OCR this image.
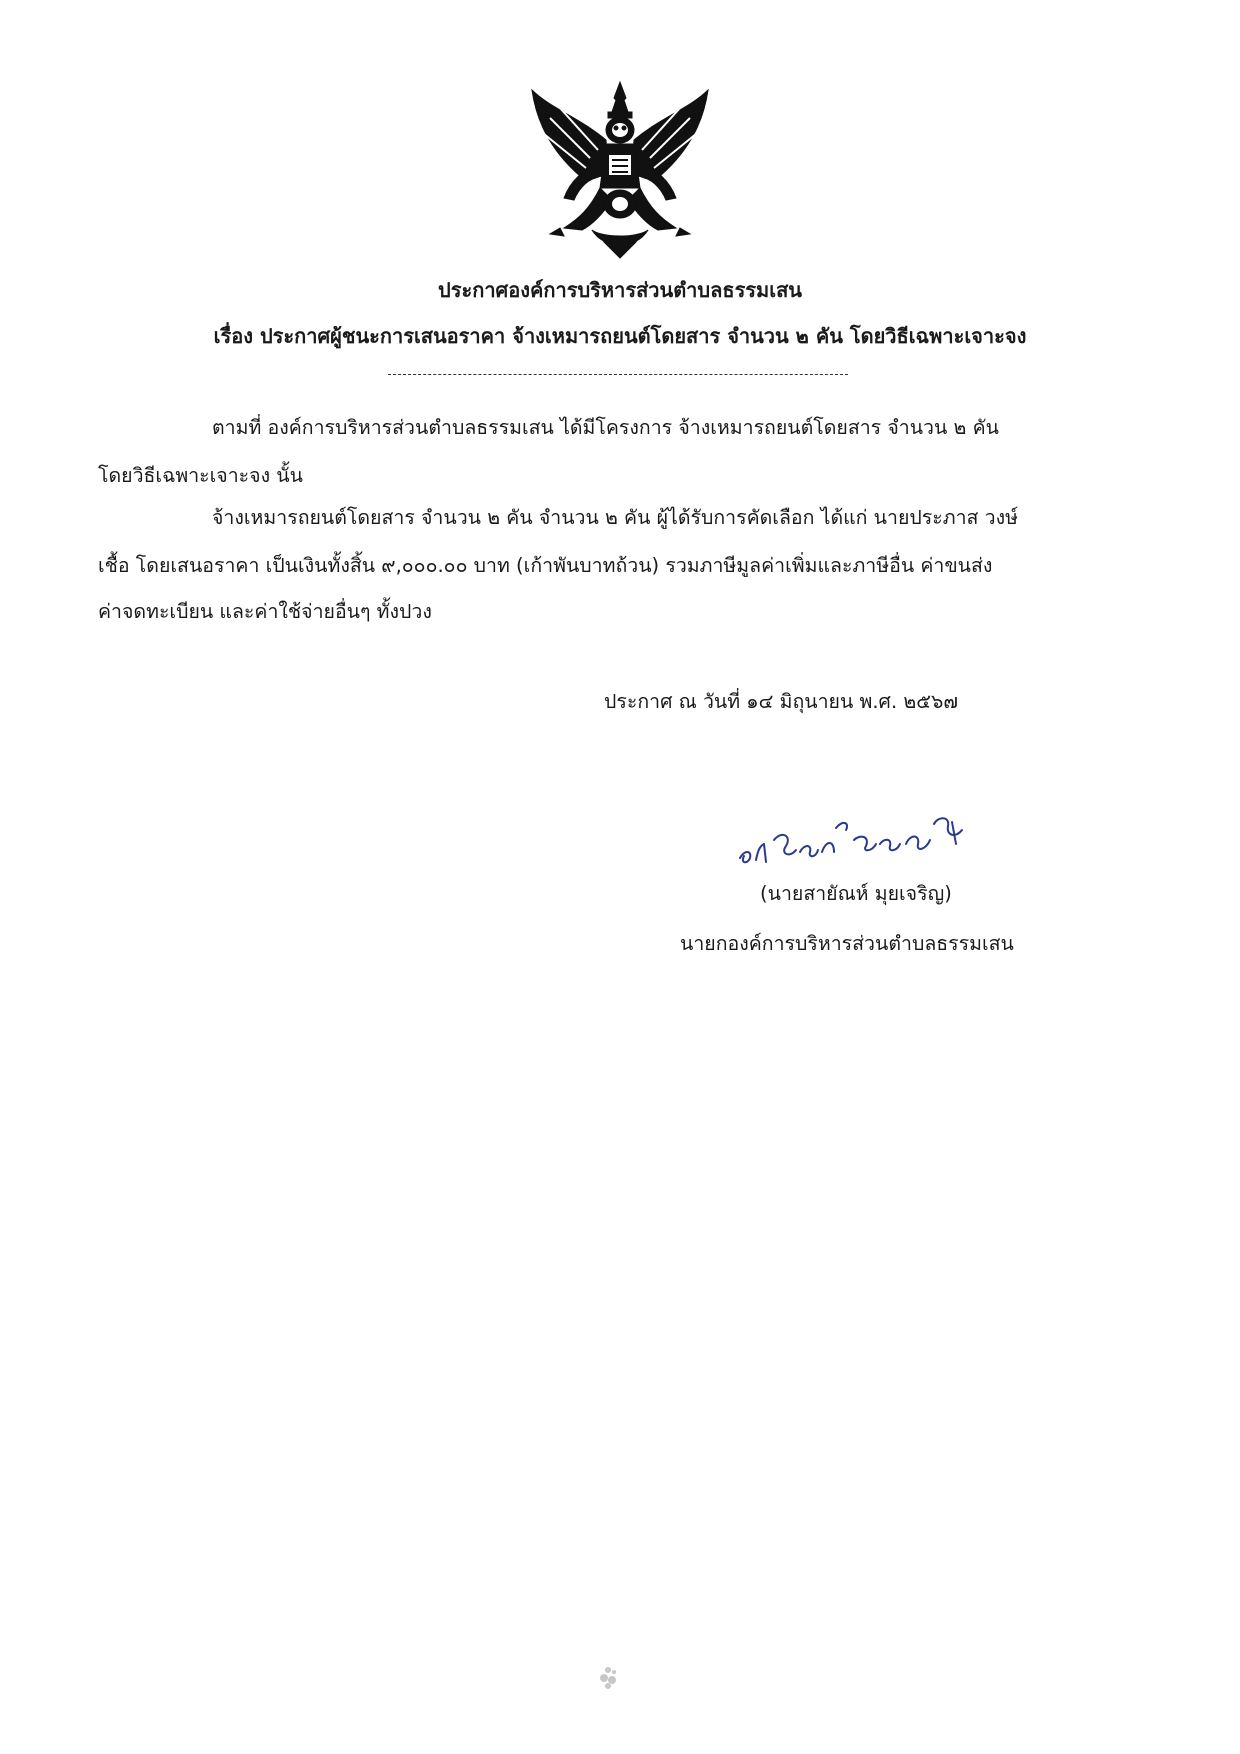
ประกาศองค์การบริหารส่วนตำบลธรรมเสน
เรื่อง ประกาศผู้ชนะการเสนอราคา จ้างเหมารถยนต์โดยสาร จำนวน ๒ คัน โดยวิธีเฉพาะเจาะจง
ตามที่ องค์การบริหารส่วนตำบลธรรมเสน ได้มีโครงการ จ้างเหมารถยนต์โดยสาร จำนวน ๒ คัน
โดยวิธีเฉพาะเจาะจง นั้น
จ้างเหมารถยนต์โดยสาร จำนวน ๒ คัน จำนวน ๒ คัน ผู้ได้รับการคัดเลือก ได้แก่ นายประภาส วงษ์
เชื้อ โดยเสนอราคา เป็นเงินทั้งสิ้น ๙,๐๐๐.๐๐ บาท (เก้าพันบาทถ้วน) รวมภาษีมูลค่าเพิ่มและภาษีอื่น ค่าขนส่ง
ค่าจดทะเบียน และค่าใช้จ่ายอื่นๆ ทั้งปวง
ประกาศ ณ วันที่ ๑๔ มิถุนายน พ.ศ. ๒๕๖๗
(นายสายัณห์ มุยเจริญ)
นายกองค์การบริหารส่วนตำบลธรรมเสน
